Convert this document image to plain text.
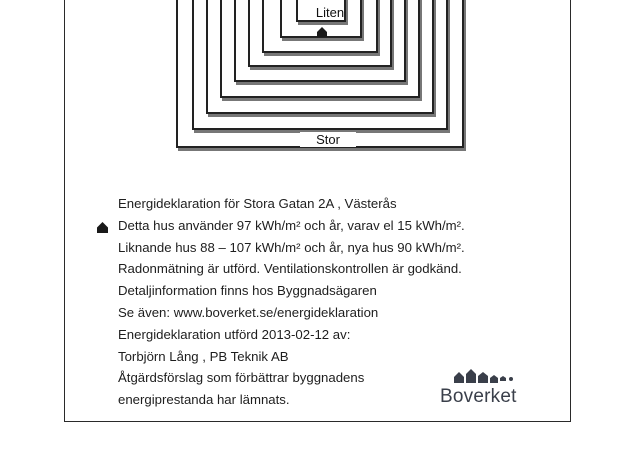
Liten
Stor
Energideklaration för Stora Gatan 2A , Västerås
Detta hus använder 97 kWh/m² och år, varav el 15 kWh/m².
Liknande hus 88 – 107 kWh/m² och år, nya hus 90 kWh/m².
Radonmätning är utförd. Ventilationskontrollen är godkänd.
Detaljinformation finns hos Byggnadsägaren
Se även: www.boverket.se/energideklaration
Energideklaration utförd 2013-02-12 av:
Torbjörn Lång , PB Teknik AB
Åtgärdsförslag som förbättrar byggnadens
energiprestanda har lämnats.	Boverket
